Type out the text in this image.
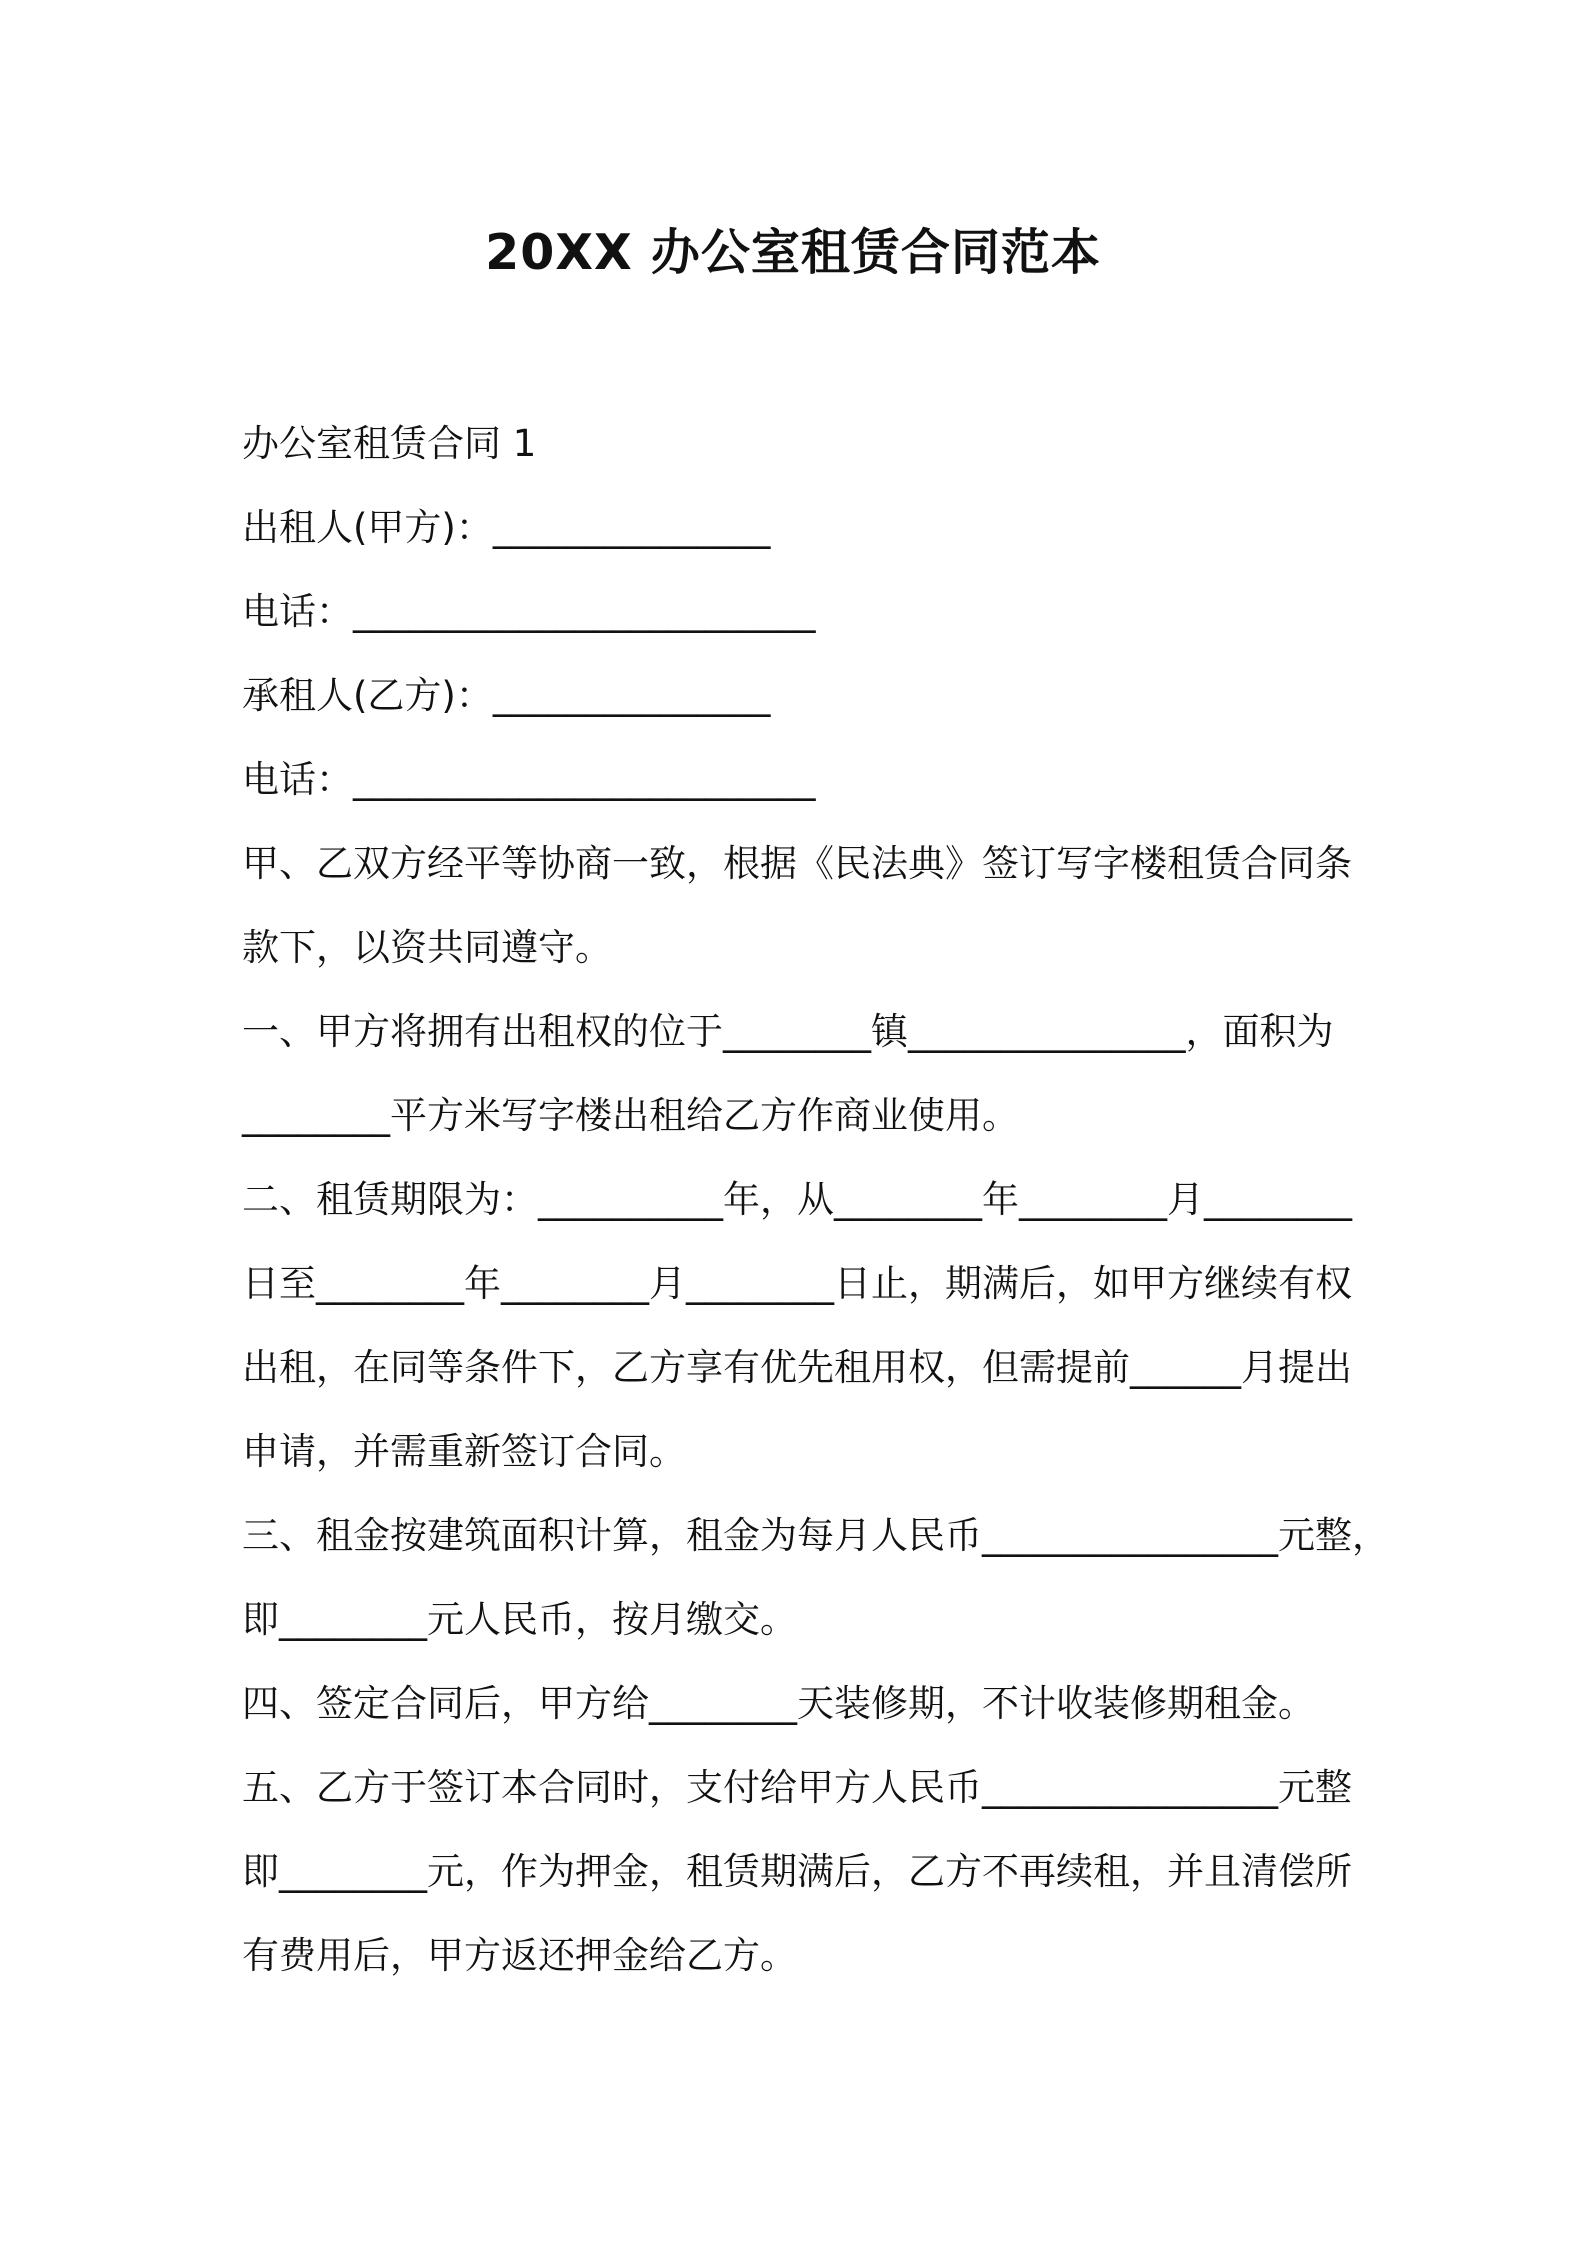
20XX 办公室租赁合同范本
办公室租赁合同 1
出租人(甲方)：_______________
电话：_________________________
承租人(乙方)：_______________
电话：_________________________
甲、乙双方经平等协商一致，根据《民法典》签订写字楼租赁合同条
款下，以资共同遵守。
一、甲方将拥有出租权的位于________镇_______________，面积为
________平方米写字楼出租给乙方作商业使用。
二、租赁期限为：__________年，从________年________月________
日至________年________月________日止，期满后，如甲方继续有权
出租，在同等条件下，乙方享有优先租用权，但需提前______月提出
申请，并需重新签订合同。
三、租金按建筑面积计算，租金为每月人民币________________元整，
即________元人民币，按月缴交。
四、签定合同后，甲方给________天装修期，不计收装修期租金。
五、乙方于签订本合同时，支付给甲方人民币________________元整
即________元，作为押金，租赁期满后，乙方不再续租，并且清偿所
有费用后，甲方返还押金给乙方。
